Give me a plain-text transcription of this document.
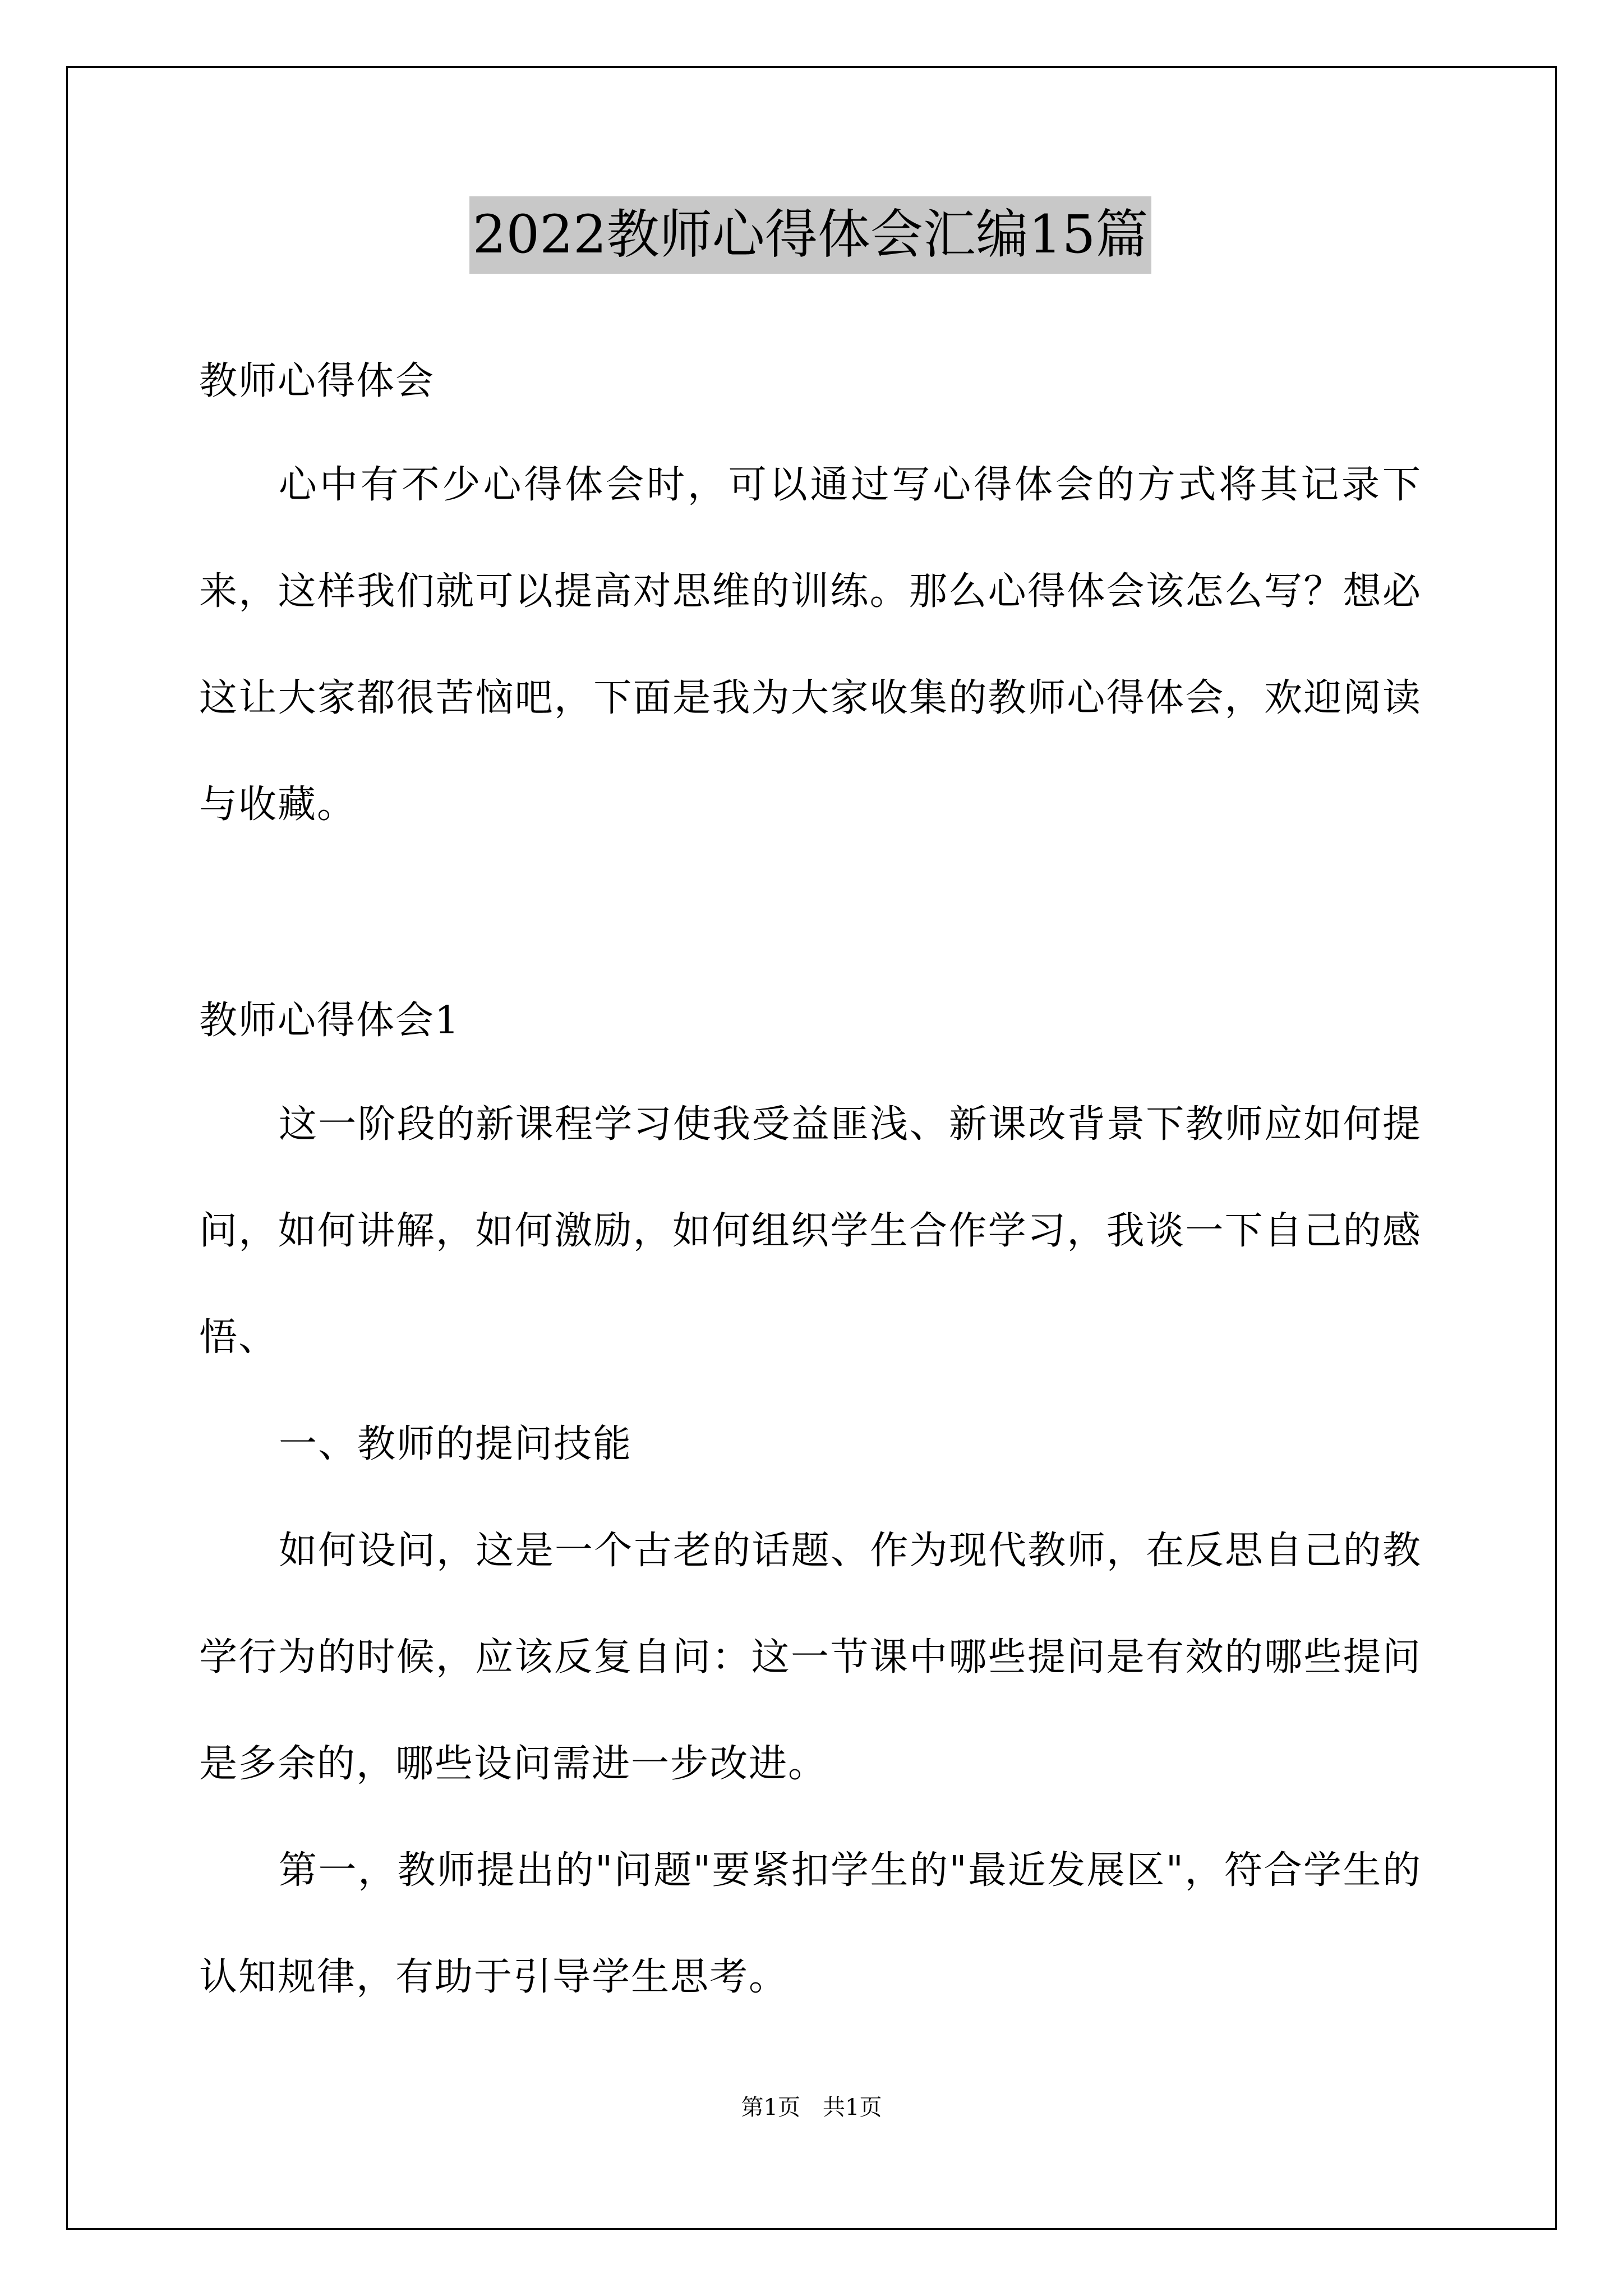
2022教师心得体会汇编15篇

教师心得体会

心中有不少心得体会时，可以通过写心得体会的方式将其记录下来，这样我们就可以提高对思维的训练。那么心得体会该怎么写？想必这让大家都很苦恼吧，下面是我为大家收集的教师心得体会，欢迎阅读与收藏。

教师心得体会1

这一阶段的新课程学习使我受益匪浅、新课改背景下教师应如何提问，如何讲解，如何激励，如何组织学生合作学习，我谈一下自己的感悟、

一、教师的提问技能

如何设问，这是一个古老的话题、作为现代教师，在反思自己的教学行为的时候，应该反复自问：这一节课中哪些提问是有效的哪些提问是多余的，哪些设问需进一步改进。

第一，教师提出的"问题"要紧扣学生的"最近发展区"，符合学生的认知规律，有助于引导学生思考。

第1页　共1页
